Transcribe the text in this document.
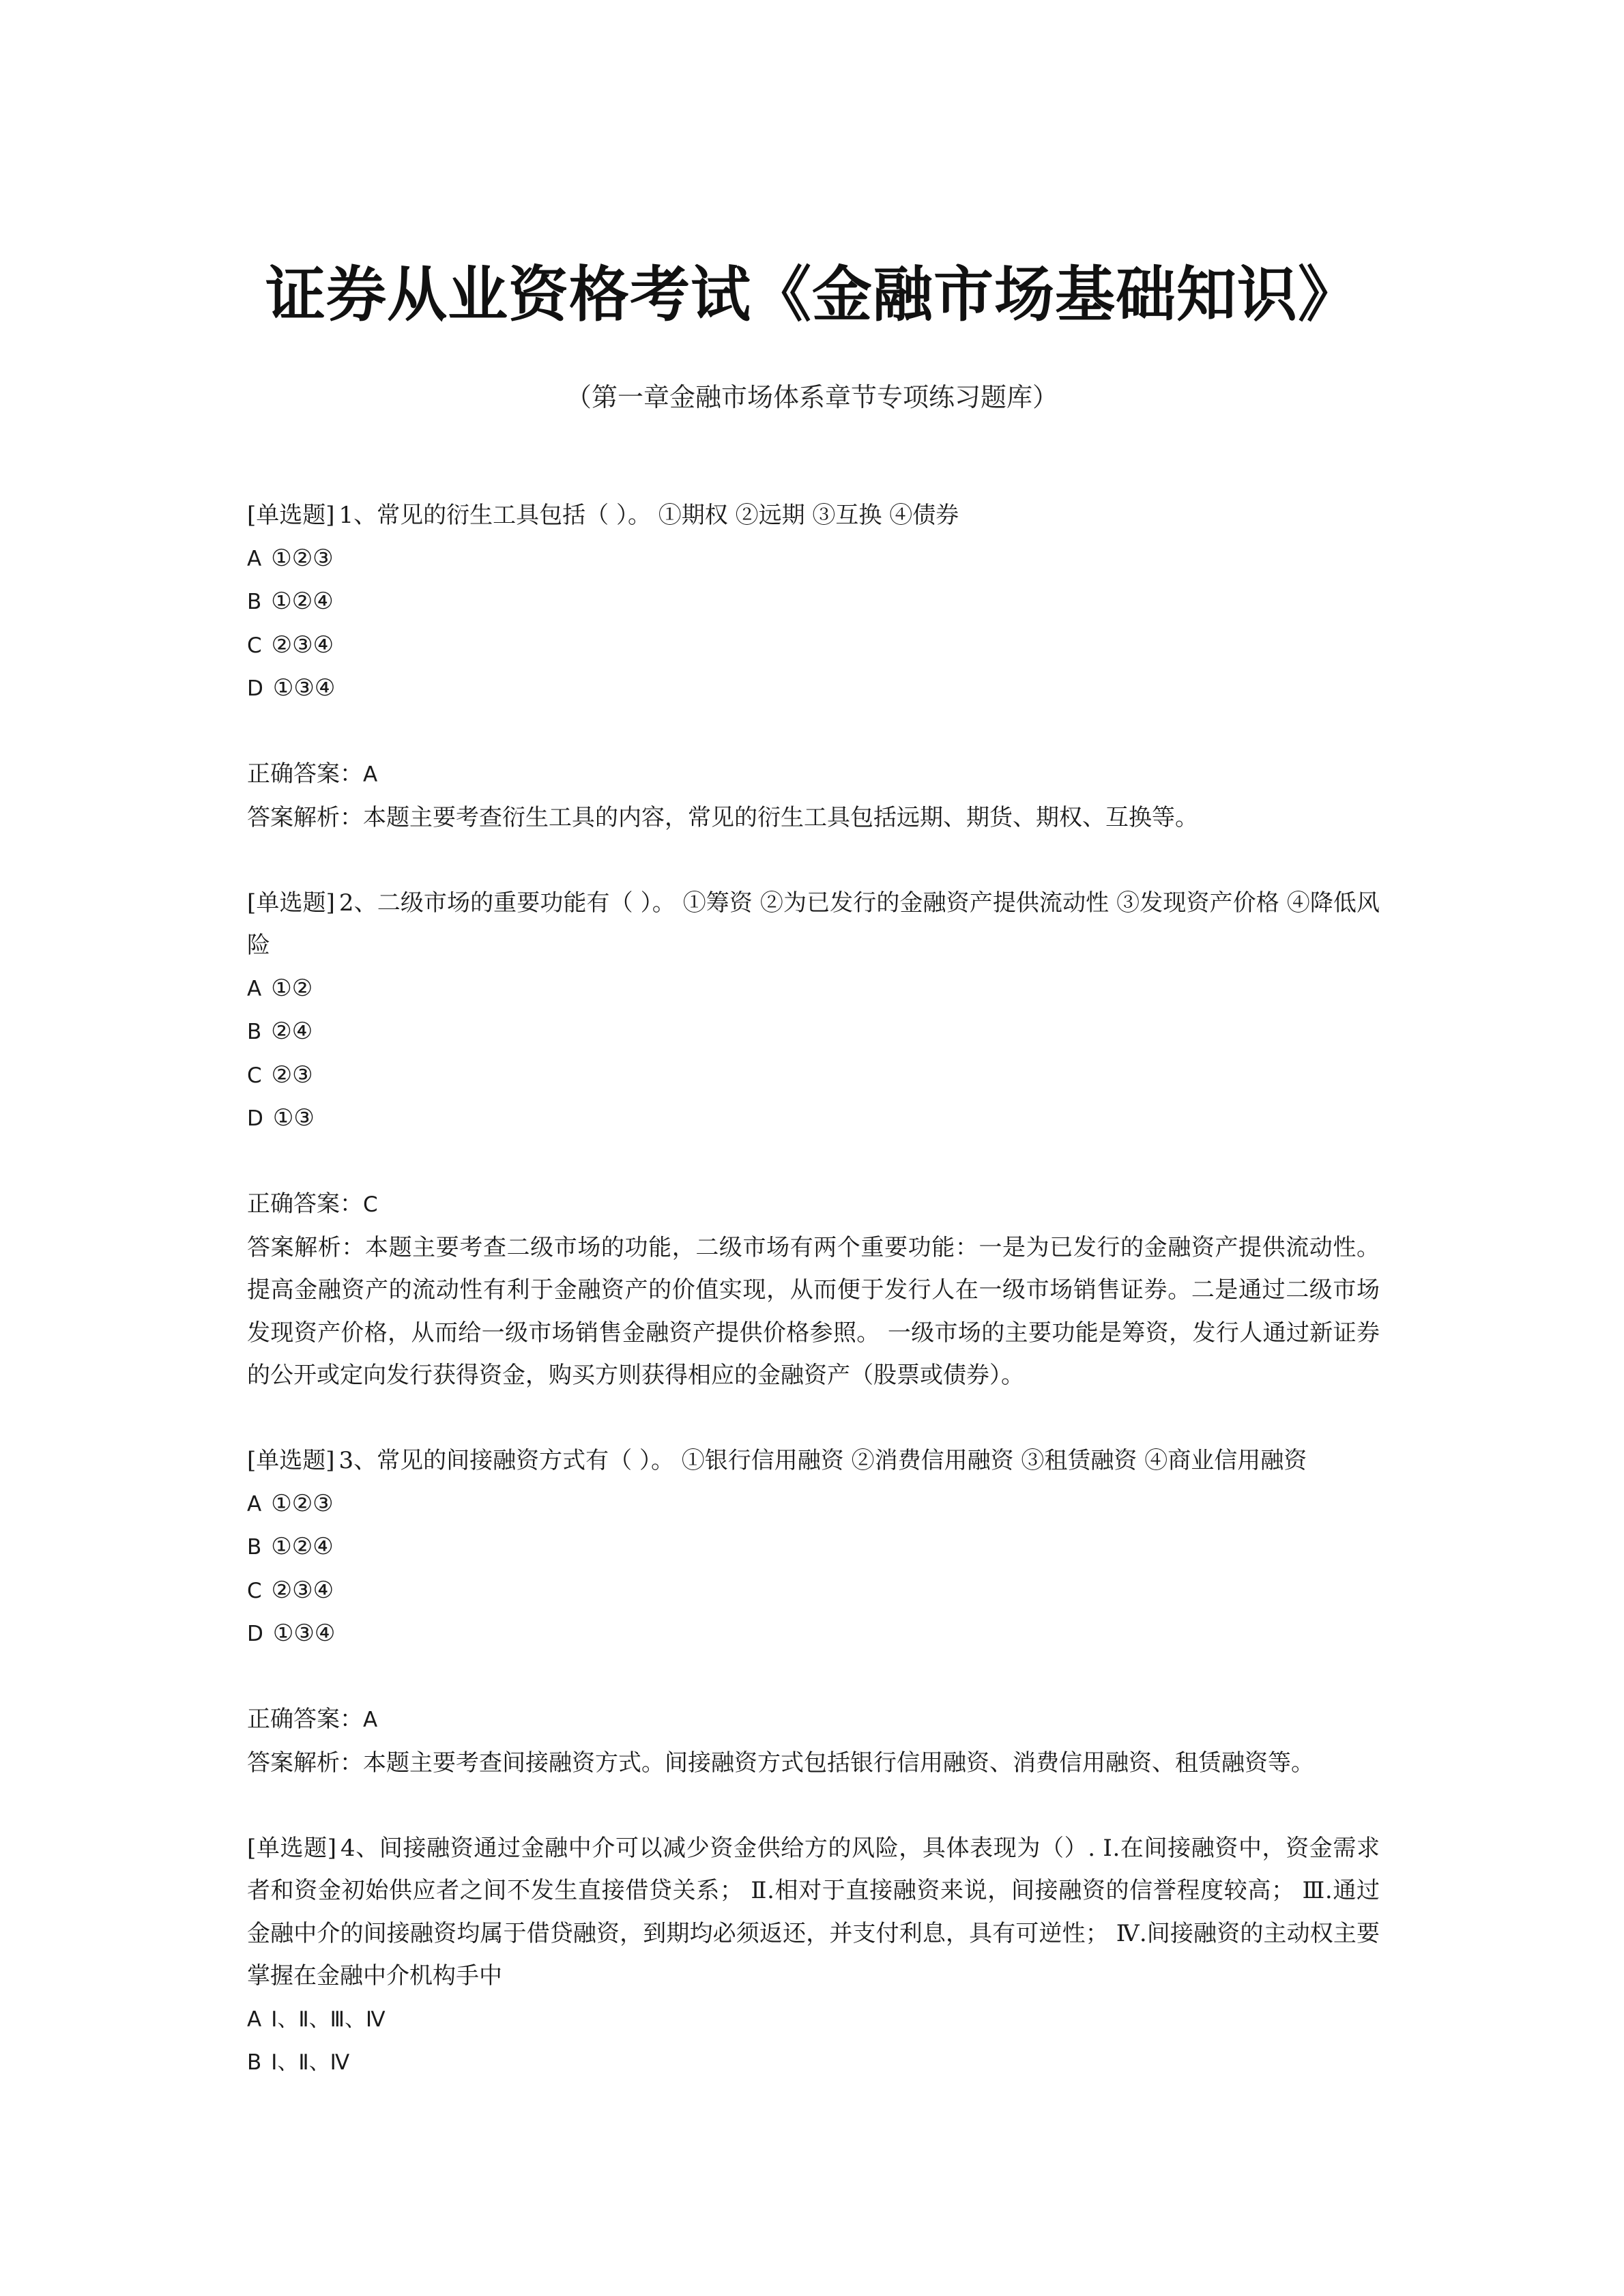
证券从业资格考试《金融市场基础知识》
（第一章金融市场体系章节专项练习题库）

[单选题] 1、常见的衍生工具包括（ ）。 ①期权 ②远期 ③互换 ④债券

A ①②③

B ①②④

C ②③④

D ①③④

正确答案：A

答案解析：本题主要考查衍生工具的内容，常见的衍生工具包括远期、期货、期权、互换等。

[单选题] 2、二级市场的重要功能有（ ）。 ①筹资 ②为已发行的金融资产提供流动性 ③发现资产价格 ④降低风险

A ①②

B ②④

C ②③

D ①③

正确答案：C

答案解析：本题主要考查二级市场的功能，二级市场有两个重要功能：一是为已发行的金融资产提供流动性。提高金融资产的流动性有利于金融资产的价值实现，从而便于发行人在一级市场销售证券。二是通过二级市场发现资产价格，从而给一级市场销售金融资产提供价格参照。 一级市场的主要功能是筹资，发行人通过新证券的公开或定向发行获得资金，购买方则获得相应的金融资产（股票或债券）。

[单选题] 3、常见的间接融资方式有（ ）。 ①银行信用融资 ②消费信用融资 ③租赁融资 ④商业信用融资

A ①②③

B ①②④

C ②③④

D ①③④

正确答案：A

答案解析：本题主要考查间接融资方式。间接融资方式包括银行信用融资、消费信用融资、租赁融资等。

[单选题] 4、间接融资通过金融中介可以减少资金供给方的风险，具体表现为（）. Ⅰ.在间接融资中，资金需求者和资金初始供应者之间不发生直接借贷关系； Ⅱ.相对于直接融资来说，间接融资的信誉程度较高； Ⅲ.通过金融中介的间接融资均属于借贷融资，到期均必须返还，并支付利息，具有可逆性； Ⅳ.间接融资的主动权主要掌握在金融中介机构手中

A Ⅰ、Ⅱ、Ⅲ、Ⅳ

B Ⅰ、Ⅱ、Ⅳ
